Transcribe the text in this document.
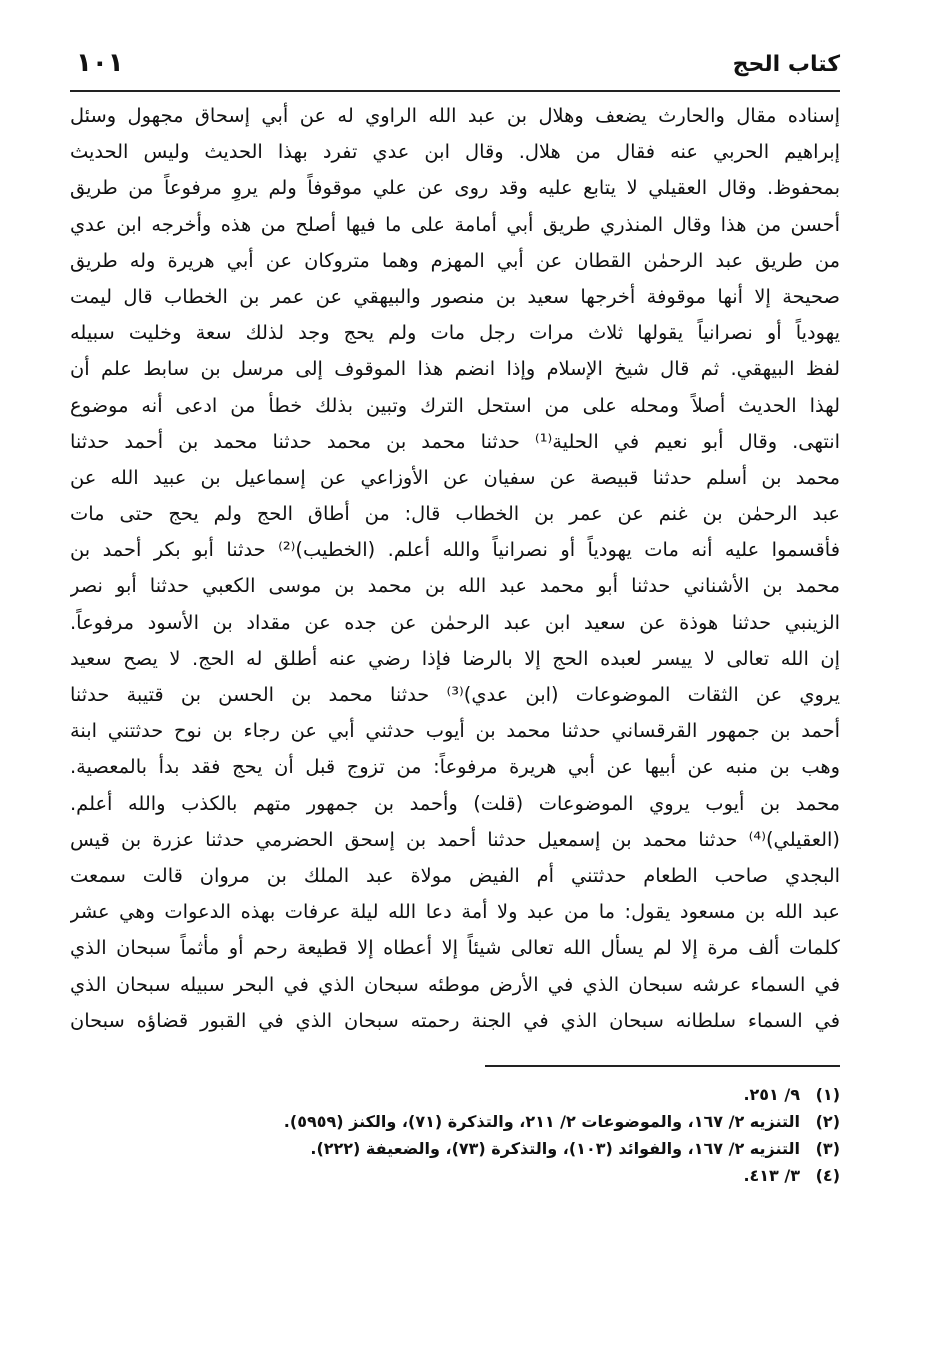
كتاب الحج
١٠١
إسناده مقال والحارث يضعف وهلال بن عبد الله الراوي له عن أبي إسحاق مجهول وسئل
إبراهيم الحربي عنه فقال من هلال. وقال ابن عدي تفرد بهذا الحديث وليس الحديث
بمحفوظ. وقال العقيلي لا يتابع عليه وقد روى عن علي موقوفاً ولم يروِ مرفوعاً من طريق
أحسن من هذا وقال المنذري طريق أبي أمامة على ما فيها أصلح من هذه وأخرجه ابن عدي
من طريق عبد الرحمٰن القطان عن أبي المهزم وهما متروكان عن أبي هريرة وله طريق
صحيحة إلا أنها موقوفة أخرجها سعيد بن منصور والبيهقي عن عمر بن الخطاب قال ليمت
يهودياً أو نصرانياً يقولها ثلاث مرات رجل مات ولم يحج وجد لذلك سعة وخليت سبيله
لفظ البيهقي. ثم قال شيخ الإسلام وإذا انضم هذا الموقوف إلى مرسل بن سابط علم أن
لهذا الحديث أصلاً ومحله على من استحل الترك وتبين بذلك خطأ من ادعى أنه موضوع
انتهى. وقال أبو نعيم في الحلية⁽¹⁾ حدثنا محمد بن محمد حدثنا محمد بن أحمد حدثنا
محمد بن أسلم حدثنا قبيصة عن سفيان عن الأوزاعي عن إسماعيل بن عبيد الله عن
عبد الرحمٰن بن غنم عن عمر بن الخطاب قال: من أطاق الحج ولم يحج حتى مات
فأقسموا عليه أنه مات يهودياً أو نصرانياً والله أعلم. (الخطيب)⁽²⁾ حدثنا أبو بكر أحمد بن
محمد بن الأشناني حدثنا أبو محمد عبد الله بن محمد بن موسى الكعبي حدثنا أبو نصر
الزينبي حدثنا هوذة عن سعيد ابن عبد الرحمٰن عن جده عن مقداد بن الأسود مرفوعاً.
إن الله تعالى لا ييسر لعبده الحج إلا بالرضا فإذا رضي عنه أطلق له الحج. لا يصح سعيد
يروي عن الثقات الموضوعات (ابن عدي)⁽³⁾ حدثنا محمد بن الحسن بن قتيبة حدثنا
أحمد بن جمهور القرقساني حدثنا محمد بن أيوب حدثني أبي عن رجاء بن نوح حدثتني ابنة
وهب بن منبه عن أبيها عن أبي هريرة مرفوعاً: من تزوج قبل أن يحج فقد بدأ بالمعصية.
محمد بن أيوب يروي الموضوعات (قلت) وأحمد بن جمهور متهم بالكذب والله أعلم.
(العقيلي)⁽⁴⁾ حدثنا محمد بن إسمعيل حدثنا أحمد بن إسحق الحضرمي حدثنا عزرة بن قيس
البجدي صاحب الطعام حدثتني أم الفيض مولاة عبد الملك بن مروان قالت سمعت
عبد الله بن مسعود يقول: ما من عبد ولا أمة دعا الله ليلة عرفات بهذه الدعوات وهي عشر
كلمات ألف مرة إلا لم يسأل الله تعالى شيئاً إلا أعطاه إلا قطيعة رحم أو مأثماً سبحان الذي
في السماء عرشه سبحان الذي في الأرض موطئه سبحان الذي في البحر سبيله سبحان الذي
في السماء سلطانه سبحان الذي في الجنة رحمته سبحان الذي في القبور قضاؤه سبحان
(١)٩/ ٢٥١.
(٢)التنزيه ٢/ ١٦٧، والموضوعات ٢/ ٢١١، والتذكرة (٧١)، والكنز (٥٩٥٩).
(٣)التنزيه ٢/ ١٦٧، والفوائد (١٠٣)، والتذكرة (٧٣)، والضعيفة (٢٢٢).
(٤)٣/ ٤١٣.
